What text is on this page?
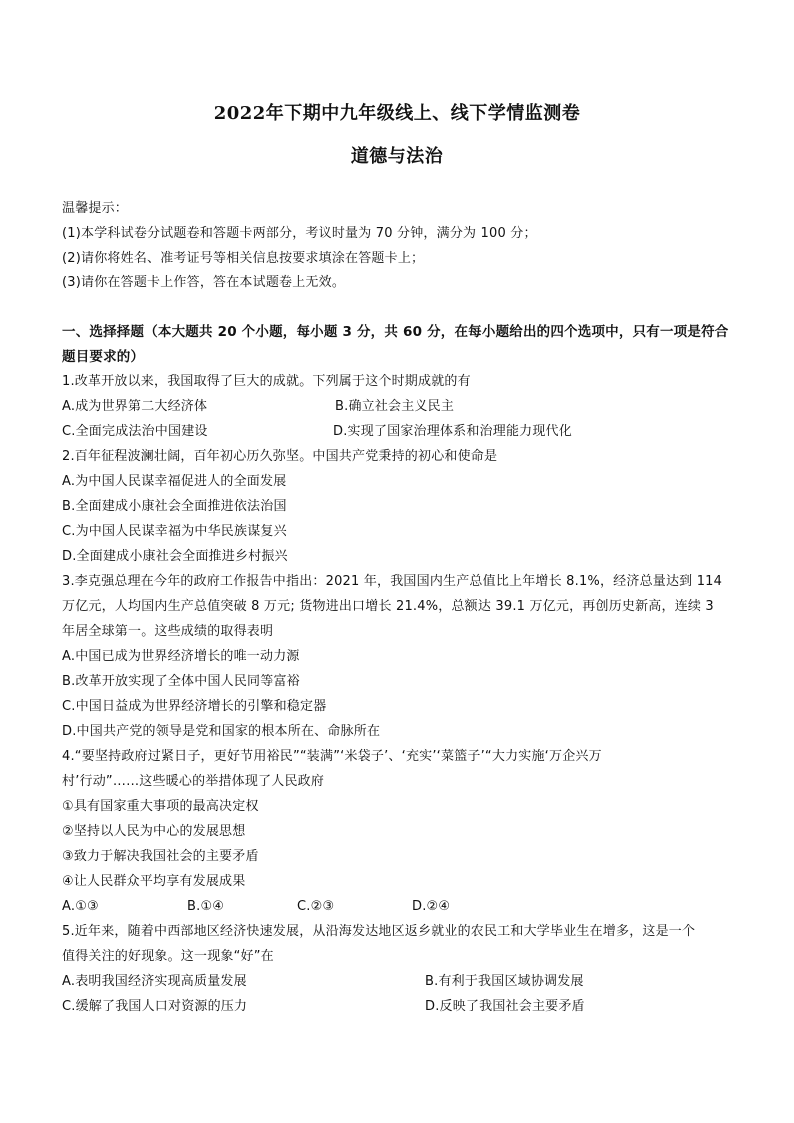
2022年下期中九年级线上、线下学情监测卷
道德与法治
温馨提示：
(1)本学科试卷分试题卷和答题卡两部分，考议时量为 70 分钟，满分为 100 分；
(2)请你将姓名、准考证号等相关信息按要求填涂在答题卡上；
(3)请你在答题卡上作答，答在本试题卷上无效。
一、选择择题（本大题共 20 个小题，每小题 3 分，共 60 分，在每小题给出的四个选项中，只有一项是符合
题目要求的）
1.改革开放以来，我国取得了巨大的成就。下列属于这个时期成就的有
A.成为世界第二大经济体	B.确立社会主义民主
C.全面完成法治中国建设	D.实现了国家治理体系和治理能力现代化
2.百年征程波澜壮阔，百年初心历久弥坚。中国共产党秉持的初心和使命是
A.为中国人民谋幸福促进人的全面发展
B.全面建成小康社会全面推进依法治国
C.为中国人民谋幸福为中华民族谋复兴
D.全面建成小康社会全面推进乡村振兴
3.李克强总理在今年的政府工作报告中指出：2021 年，我国国内生产总值比上年增长 8.1%，经济总量达到 114
万亿元，人均国内生产总值突破 8 万元; 货物进出口增长 21.4%，总额达 39.1 万亿元，再创历史新高，连续 3
年居全球第一。这些成绩的取得表明
A.中国已成为世界经济增长的唯一动力源
B.改革开放实现了全体中国人民同等富裕
C.中国日益成为世界经济增长的引擎和稳定器
D.中国共产党的领导是党和国家的根本所在、命脉所在
4.“要坚持政府过紧日子，更好节用裕民”“装满”‘米袋子’、‘充实’‘菜篮子’“大力实施‘万企兴万
村’行动”……这些暖心的举措体现了人民政府
①具有国家重大事项的最高决定权
②坚持以人民为中心的发展思想
③致力于解决我国社会的主要矛盾
④让人民群众平均享有发展成果
A.①③	B.①④	C.②③	D.②④
5.近年来，随着中西部地区经济快速发展，从沿海发达地区返乡就业的农民工和大学毕业生在增多，这是一个
值得关注的好现象。这一现象“好”在
A.表明我国经济实现高质量发展	B.有利于我国区域协调发展
C.缓解了我国人口对资源的压力	D.反映了我国社会主要矛盾
